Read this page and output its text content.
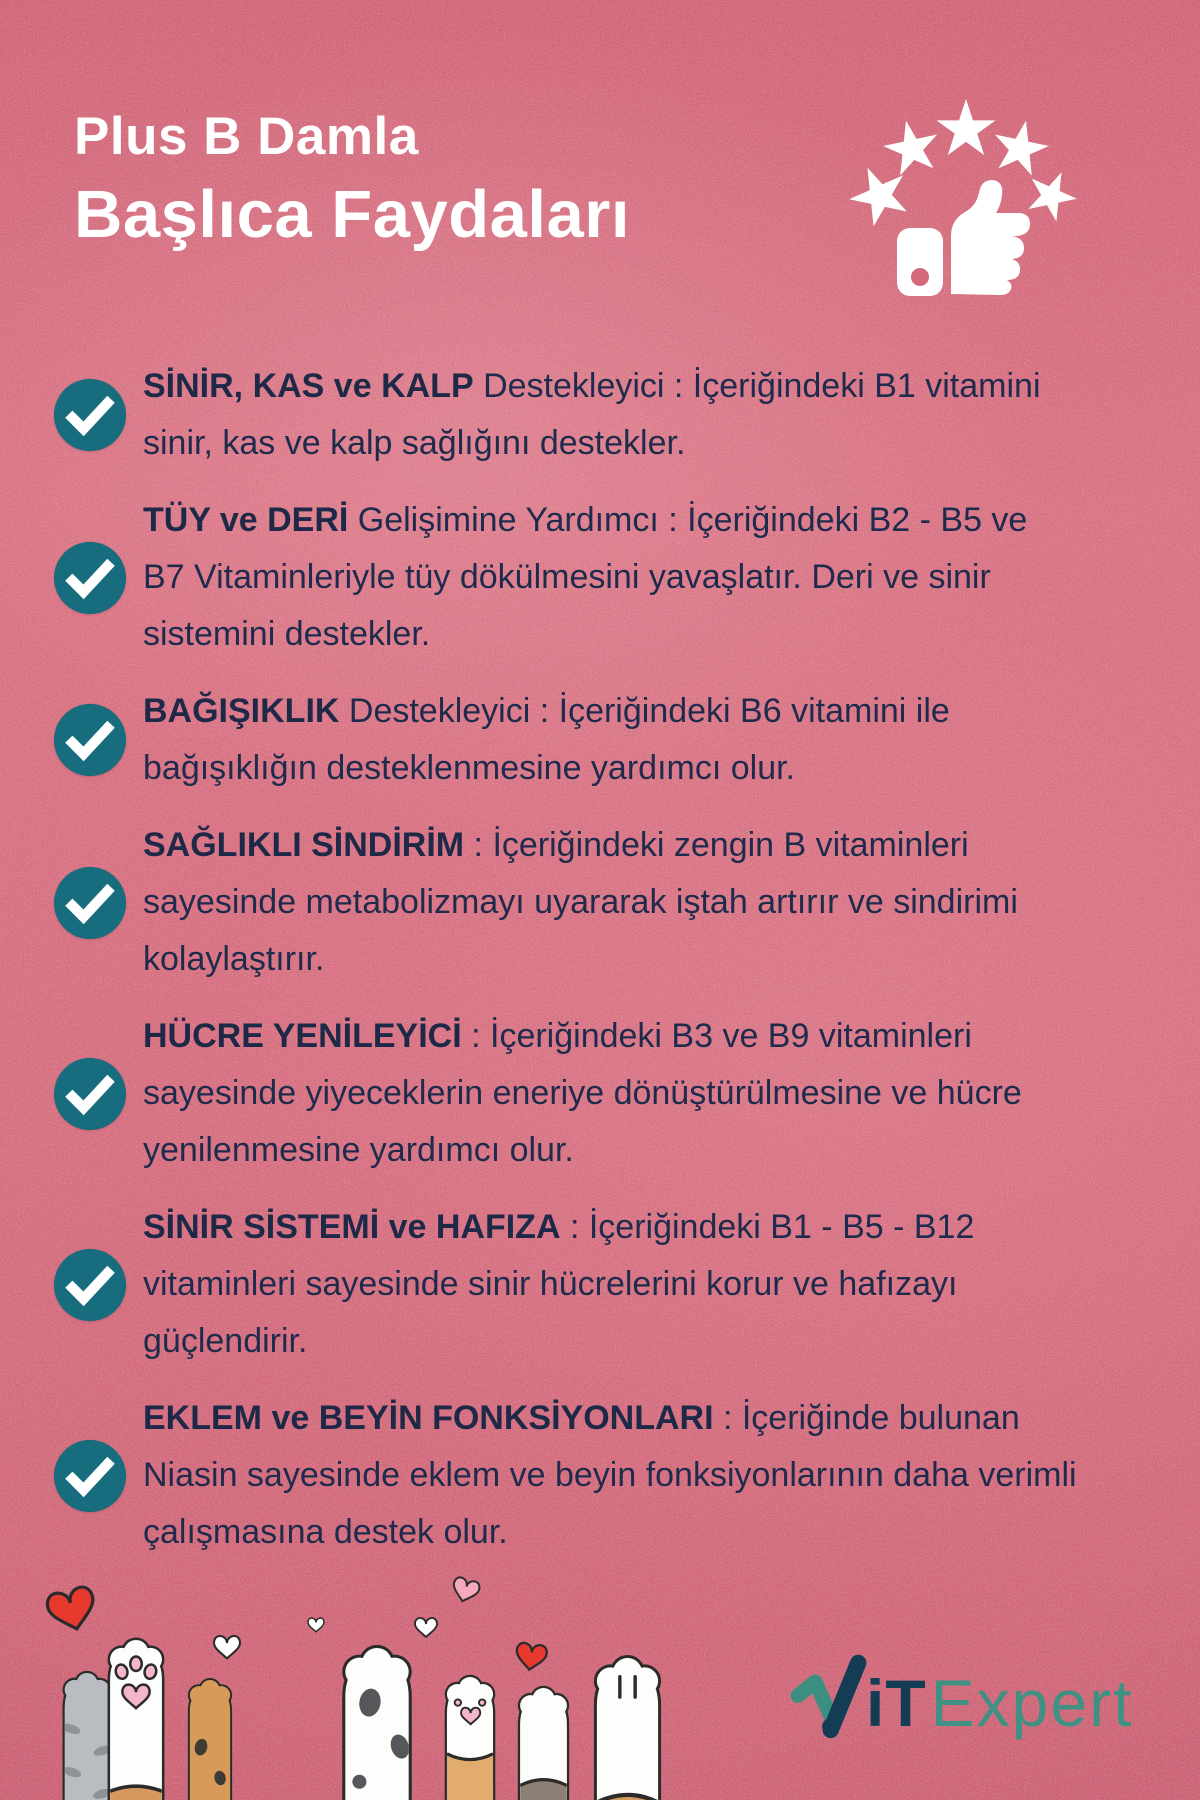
Plus B Damla
Başlıca Faydaları

SİNİR, KAS ve KALP Destekleyici : İçeriğindeki B1 vitamini sinir, kas ve kalp sağlığını destekler.

TÜY ve DERİ Gelişimine Yardımcı : İçeriğindeki B2 - B5 ve B7 Vitaminleriyle tüy dökülmesini yavaşlatır. Deri ve sinir sistemini destekler.

BAĞIŞIKLIK Destekleyici : İçeriğindeki B6 vitamini ile bağışıklığın desteklenmesine yardımcı olur.

SAĞLIKLI SİNDİRİM : İçeriğindeki zengin B vitaminleri sayesinde metabolizmayı uyararak iştah artırır ve sindirimi kolaylaştırır.

HÜCRE YENİLEYİCİ : İçeriğindeki B3 ve B9 vitaminleri sayesinde yiyeceklerin eneriye dönüştürülmesine ve hücre yenilenmesine yardımcı olur.

SİNİR SİSTEMİ ve HAFIZA : İçeriğindeki B1 - B5 - B12 vitaminleri sayesinde sinir hücrelerini korur ve hafızayı güçlendirir.

EKLEM ve BEYİN FONKSİYONLARI : İçeriğinde bulunan Niasin sayesinde eklem ve beyin fonksiyonlarının daha verimli çalışmasına destek olur.

iT Expert
